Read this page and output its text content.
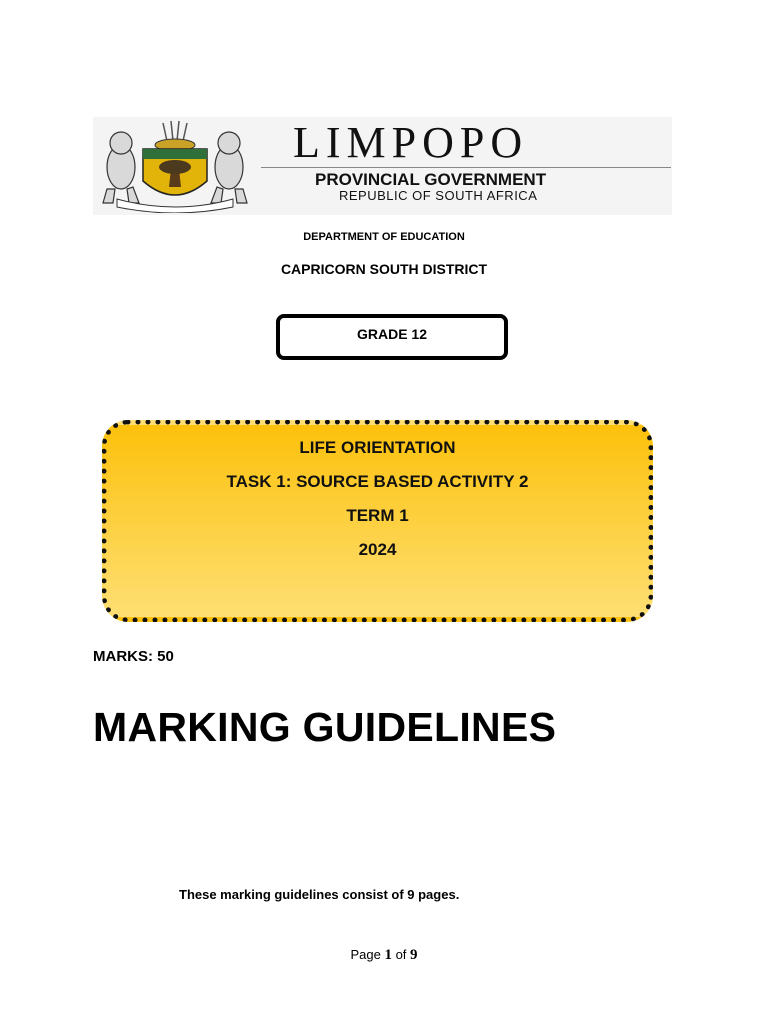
LIMPOPO
PROVINCIAL GOVERNMENT
REPUBLIC OF SOUTH AFRICA
DEPARTMENT OF EDUCATION
CAPRICORN SOUTH DISTRICT
GRADE 12
LIFE ORIENTATION
TASK 1: SOURCE BASED ACTIVITY 2
TERM 1
2024
MARKS: 50
MARKING GUIDELINES
These marking guidelines consist of 9 pages.
Page 1 of 9
